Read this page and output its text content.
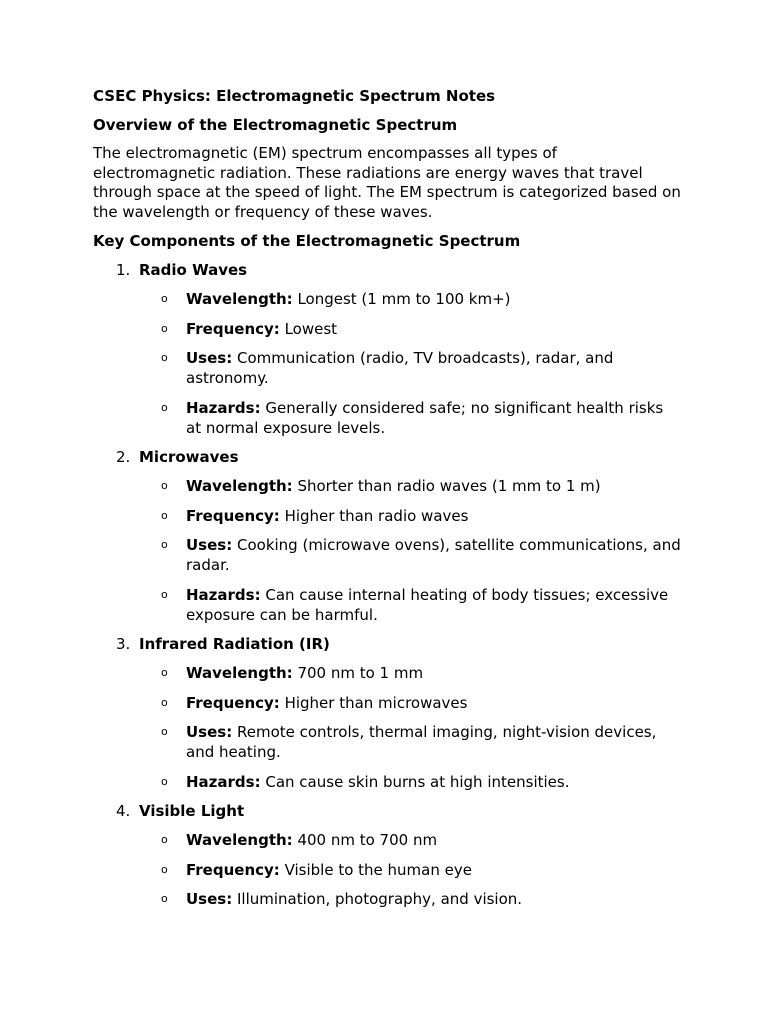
CSEC Physics: Electromagnetic Spectrum Notes
Overview of the Electromagnetic Spectrum
The electromagnetic (EM) spectrum encompasses all types of electromagnetic radiation. These radiations are energy waves that travel through space at the speed of light. The EM spectrum is categorized based on the wavelength or frequency of these waves.
Key Components of the Electromagnetic Spectrum
1. Radio Waves
o Wavelength: Longest (1 mm to 100 km+)
o Frequency: Lowest
o Uses: Communication (radio, TV broadcasts), radar, and astronomy.
o Hazards: Generally considered safe; no significant health risks at normal exposure levels.
2. Microwaves
o Wavelength: Shorter than radio waves (1 mm to 1 m)
o Frequency: Higher than radio waves
o Uses: Cooking (microwave ovens), satellite communications, and radar.
o Hazards: Can cause internal heating of body tissues; excessive exposure can be harmful.
3. Infrared Radiation (IR)
o Wavelength: 700 nm to 1 mm
o Frequency: Higher than microwaves
o Uses: Remote controls, thermal imaging, night-vision devices, and heating.
o Hazards: Can cause skin burns at high intensities.
4. Visible Light
o Wavelength: 400 nm to 700 nm
o Frequency: Visible to the human eye
o Uses: Illumination, photography, and vision.
